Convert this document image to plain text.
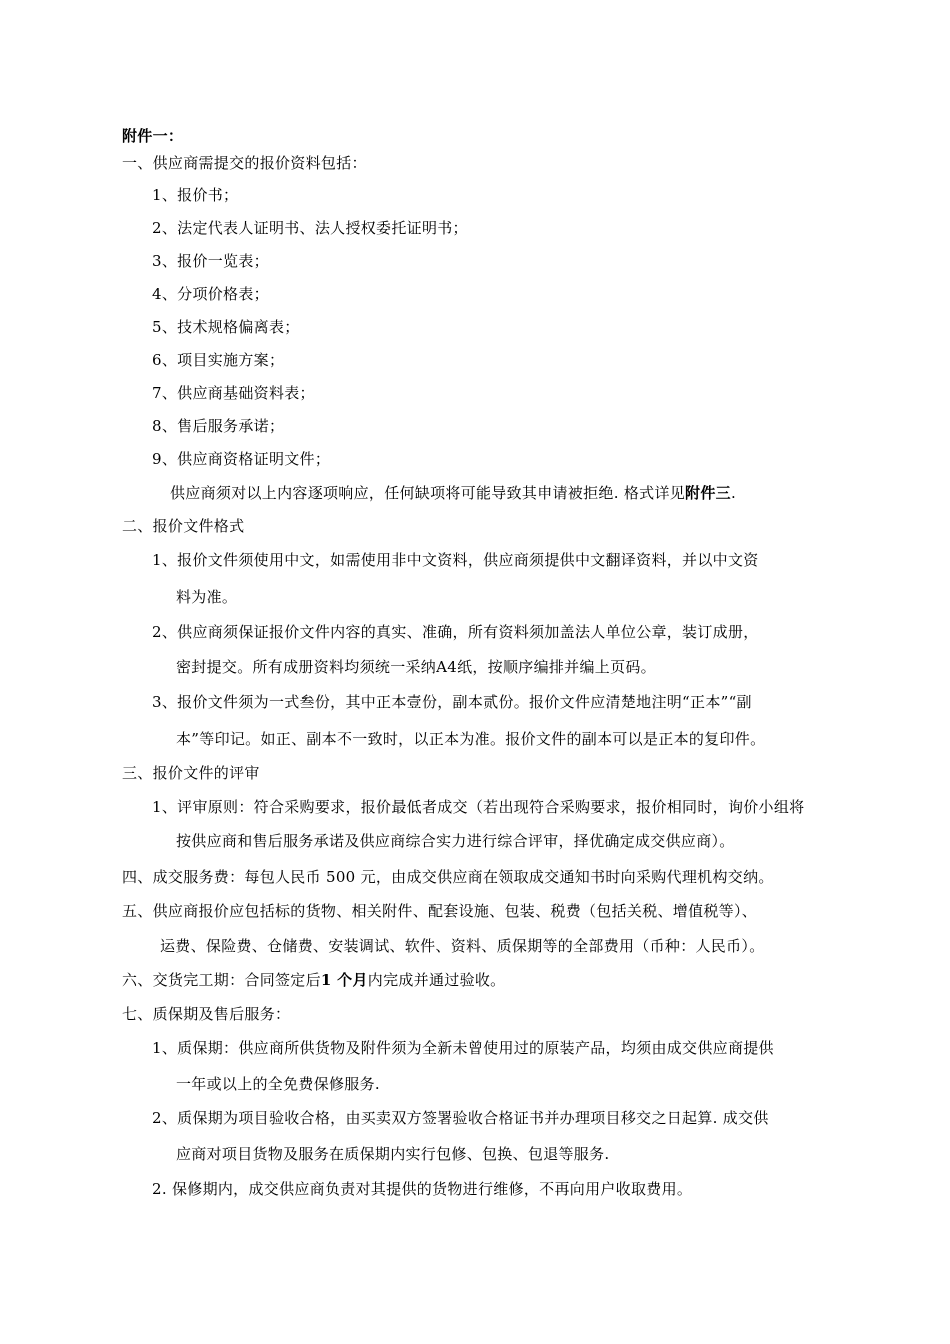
附件一：
一、供应商需提交的报价资料包括：
1、报价书；
2、法定代表人证明书、法人授权委托证明书；
3、报价一览表；
4、分项价格表；
5、技术规格偏离表；
6、项目实施方案；
7、供应商基础资料表；
8、售后服务承诺；
9、供应商资格证明文件；
供应商须对以上内容逐项响应，任何缺项将可能导致其申请被拒绝. 格式详见附件三.
二、报价文件格式
1、报价文件须使用中文，如需使用非中文资料，供应商须提供中文翻译资料，并以中文资
料为准。
2、供应商须保证报价文件内容的真实、准确，所有资料须加盖法人单位公章，装订成册，
密封提交。所有成册资料均须统一采纳A4纸，按顺序编排并编上页码。
3、报价文件须为一式叁份，其中正本壹份，副本贰份。报价文件应清楚地注明“正本”“副
本”等印记。如正、副本不一致时，以正本为准。报价文件的副本可以是正本的复印件。
三、报价文件的评审
1、评审原则：符合采购要求，报价最低者成交（若出现符合采购要求，报价相同时，询价小组将
按供应商和售后服务承诺及供应商综合实力进行综合评审，择优确定成交供应商）。
四、成交服务费：每包人民币 500 元，由成交供应商在领取成交通知书时向采购代理机构交纳。
五、供应商报价应包括标的货物、相关附件、配套设施、包装、税费（包括关税、增值税等）、
运费、保险费、仓储费、安装调试、软件、资料、质保期等的全部费用（币种：人民币）。
六、交货完工期：合同签定后1 个月内完成并通过验收。
七、质保期及售后服务：
1、质保期：供应商所供货物及附件须为全新未曾使用过的原装产品，均须由成交供应商提供
一年或以上的全免费保修服务.
2、质保期为项目验收合格，由买卖双方签署验收合格证书并办理项目移交之日起算. 成交供
应商对项目货物及服务在质保期内实行包修、包换、包退等服务.
2. 保修期内，成交供应商负责对其提供的货物进行维修，不再向用户收取费用。
